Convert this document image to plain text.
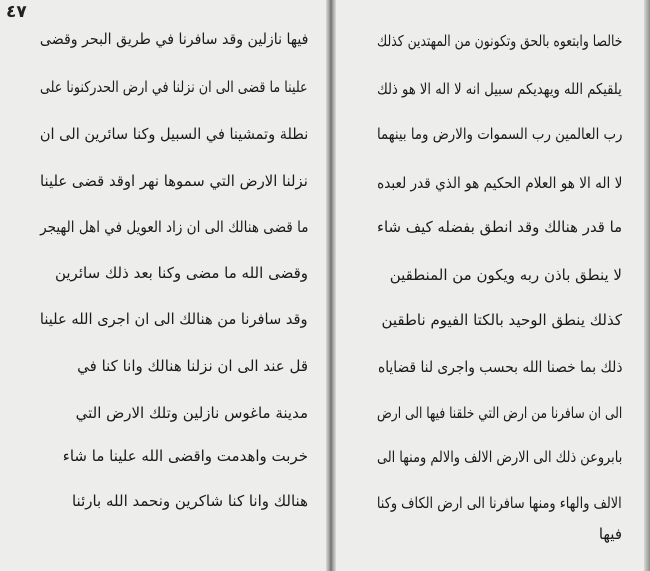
٤٧
فيها نازلين وقد سافرنا في طريق البحر وقضى
علينا ما قضى الى ان نزلنا في ارض الحدركنونا على
نطلة وتمشينا في السبيل وكنا سائرين الى ان
نزلنا الارض التي سموها نهر اوقد قضى علينا
ما قضى هنالك الى ان زاد العويل في اهل الهيجر
وقضى الله ما مضى وكنا بعد ذلك سائرين
وقد سافرنا من هنالك الى ان اجرى الله علينا
قل عند الى ان نزلنا هنالك وانا كنا في
مدينة ماغوس نازلين وتلك الارض التي
خربت واهدمت واقضى الله علينا ما شاء
هنالك وانا كنا شاكرين ونحمد الله بارئنا
خالصا وابتعوه بالحق وتكونون من المهتدين كذلك
يلقيكم الله ويهديكم سبيل انه لا اله الا هو ذلك
رب العالمين رب السموات والارض وما بينهما
لا اله الا هو العلام الحكيم هو الذي قدر لعبده
ما قدر هنالك وقد انطق بفضله كيف شاء
لا ينطق باذن ربه ويكون من المنطقين
كذلك ينطق الوحيد بالكتا الفيوم ناطقين
ذلك بما خصنا الله بحسب واجرى لنا قضاياه
الى ان سافرنا من ارض التي خلقنا فيها الى ارض
بابروعن ذلك الى الارض الالف والالم ومنها الى
الالف والهاء ومنها سافرنا الى ارض الكاف وكنا
فيها
